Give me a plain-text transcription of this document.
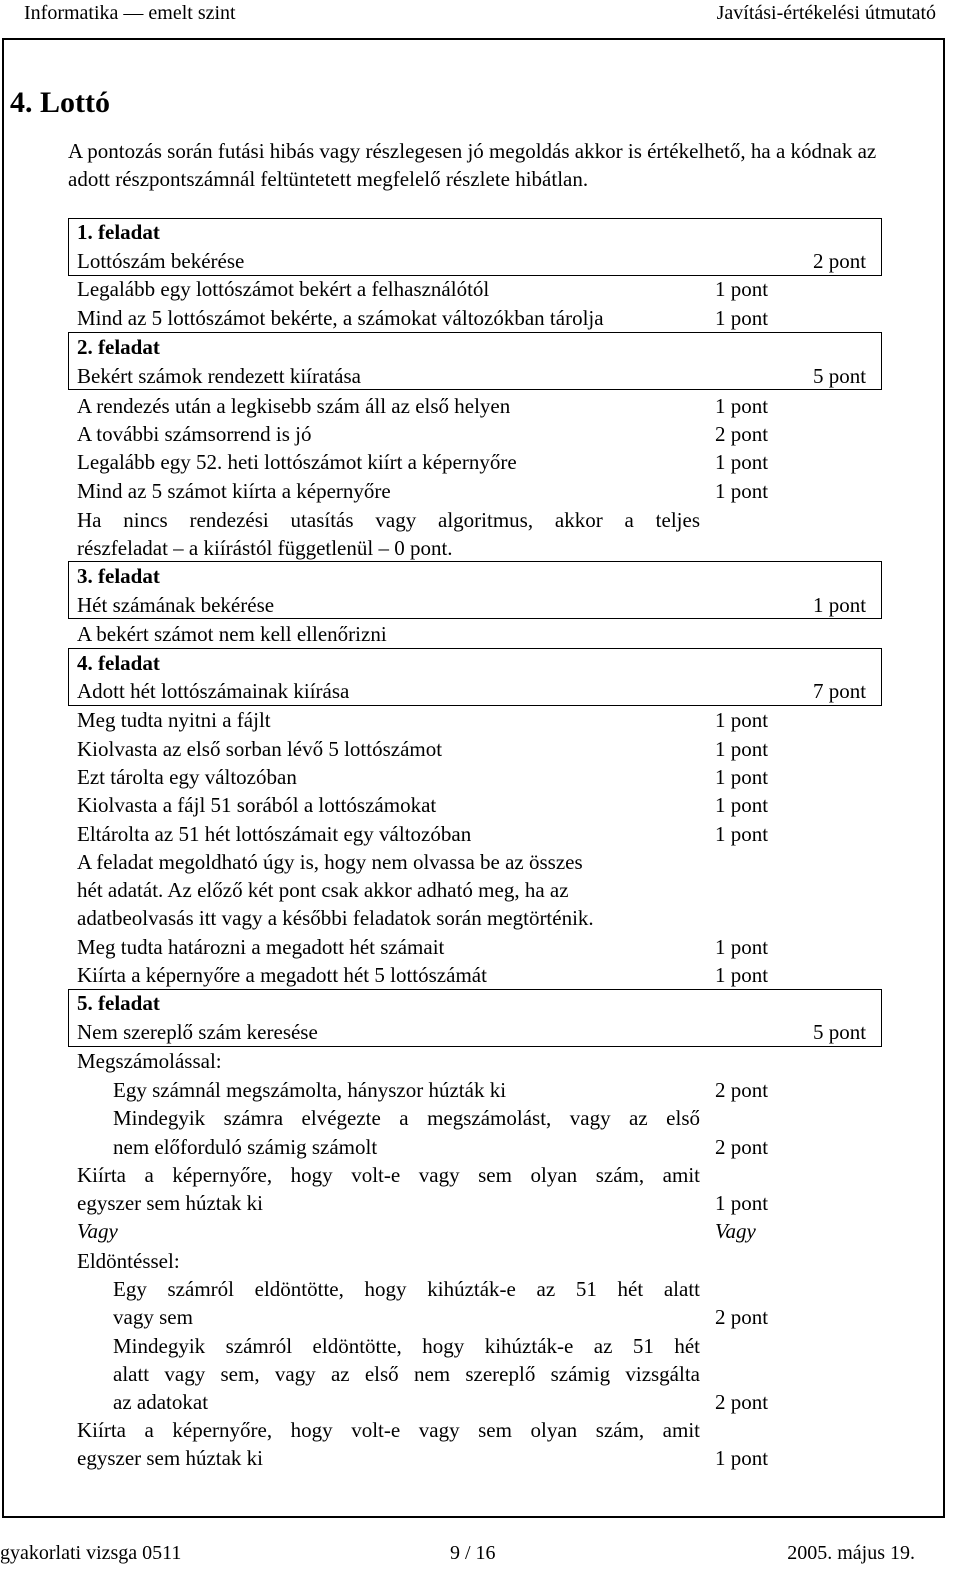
Informatika — emelt szint	Javítási-értékelési útmutató
4. Lottó
A pontozás során futási hibás vagy részlegesen jó megoldás akkor is értékelhető, ha a kódnak az adott részpontszámnál feltüntetett megfelelő részlete hibátlan.
1. feladat
Lottószám bekérése	2 pont
Legalább egy lottószámot bekért a felhasználótól	1 pont
Mind az 5 lottószámot bekérte, a számokat változókban tárolja	1 pont
2. feladat
Bekért számok rendezett kiíratása	5 pont
A rendezés után a legkisebb szám áll az első helyen	1 pont
A további számsorrend is jó	2 pont
Legalább egy 52. heti lottószámot kiírt a képernyőre	1 pont
Mind az 5 számot kiírta a képernyőre	1 pont
Ha nincs rendezési utasítás vagy algoritmus, akkor a teljes
részfeladat – a kiírástól függetlenül – 0 pont.
3. feladat
Hét számának bekérése	1 pont
A bekért számot nem kell ellenőrizni
4. feladat
Adott hét lottószámainak kiírása	7 pont
Meg tudta nyitni a fájlt	1 pont
Kiolvasta az első sorban lévő 5 lottószámot	1 pont
Ezt tárolta egy változóban	1 pont
Kiolvasta a fájl 51 sorából a lottószámokat	1 pont
Eltárolta az 51 hét lottószámait egy változóban	1 pont
A feladat megoldható úgy is, hogy nem olvassa be az összes
hét adatát. Az előző két pont csak akkor adható meg, ha az
adatbeolvasás itt vagy a későbbi feladatok során megtörténik.
Meg tudta határozni a megadott hét számait	1 pont
Kiírta a képernyőre a megadott hét 5 lottószámát	1 pont
5. feladat
Nem szereplő szám keresése	5 pont
Megszámolással:
Egy számnál megszámolta, hányszor húzták ki	2 pont
Mindegyik számra elvégezte a megszámolást, vagy az első
nem előforduló számig számolt	2 pont
Kiírta a képernyőre, hogy volt-e vagy sem olyan szám, amit
egyszer sem húztak ki	1 pont
Vagy	Vagy
Eldöntéssel:
Egy számról eldöntötte, hogy kihúzták-e az 51 hét alatt
vagy sem	2 pont
Mindegyik számról eldöntötte, hogy kihúzták-e az 51 hét
alatt vagy sem, vagy az első nem szereplő számig vizsgálta
az adatokat	2 pont
Kiírta a képernyőre, hogy volt-e vagy sem olyan szám, amit
egyszer sem húztak ki	1 pont
gyakorlati vizsga 0511	9 / 16	2005. május 19.
